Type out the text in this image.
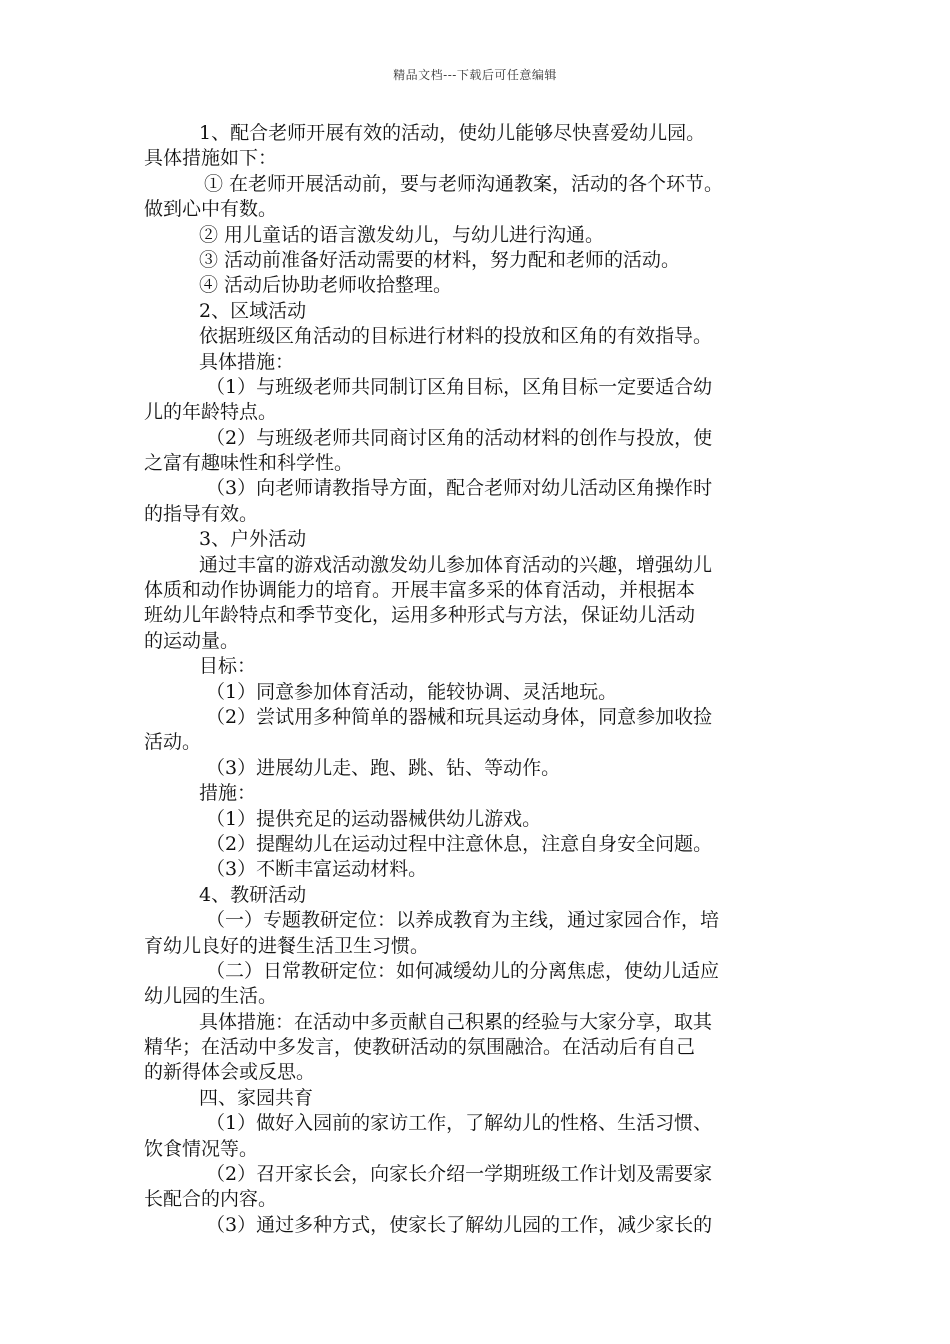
精品文档---下载后可任意编辑
1、配合老师开展有效的活动，使幼儿能够尽快喜爱幼儿园。
具体措施如下：
① 在老师开展活动前，要与老师沟通教案，活动的各个环节。
做到心中有数。
② 用儿童话的语言激发幼儿，与幼儿进行沟通。
③ 活动前准备好活动需要的材料，努力配和老师的活动。
④ 活动后协助老师收拾整理。
2、区域活动
依据班级区角活动的目标进行材料的投放和区角的有效指导。
具体措施：
（1）与班级老师共同制订区角目标，区角目标一定要适合幼
儿的年龄特点。
（2）与班级老师共同商讨区角的活动材料的创作与投放，使
之富有趣味性和科学性。
（3）向老师请教指导方面，配合老师对幼儿活动区角操作时
的指导有效。
3、户外活动
通过丰富的游戏活动激发幼儿参加体育活动的兴趣，增强幼儿
体质和动作协调能力的培育。开展丰富多采的体育活动，并根据本
班幼儿年龄特点和季节变化，运用多种形式与方法，保证幼儿活动
的运动量。
目标：
（1）同意参加体育活动，能较协调、灵活地玩。
（2）尝试用多种简单的器械和玩具运动身体，同意参加收捡
活动。
（3）进展幼儿走、跑、跳、钻、等动作。
措施：
（1）提供充足的运动器械供幼儿游戏。
（2）提醒幼儿在运动过程中注意休息，注意自身安全问题。
（3）不断丰富运动材料。
4、教研活动
（一）专题教研定位：以养成教育为主线，通过家园合作，培
育幼儿良好的进餐生活卫生习惯。
（二）日常教研定位：如何减缓幼儿的分离焦虑，使幼儿适应
幼儿园的生活。
具体措施：在活动中多贡献自己积累的经验与大家分享，取其
精华；在活动中多发言，使教研活动的氛围融洽。在活动后有自己
的新得体会或反思。
四、家园共育
（1）做好入园前的家访工作，了解幼儿的性格、生活习惯、
饮食情况等。
（2）召开家长会，向家长介绍一学期班级工作计划及需要家
长配合的内容。
（3）通过多种方式，使家长了解幼儿园的工作，减少家长的
